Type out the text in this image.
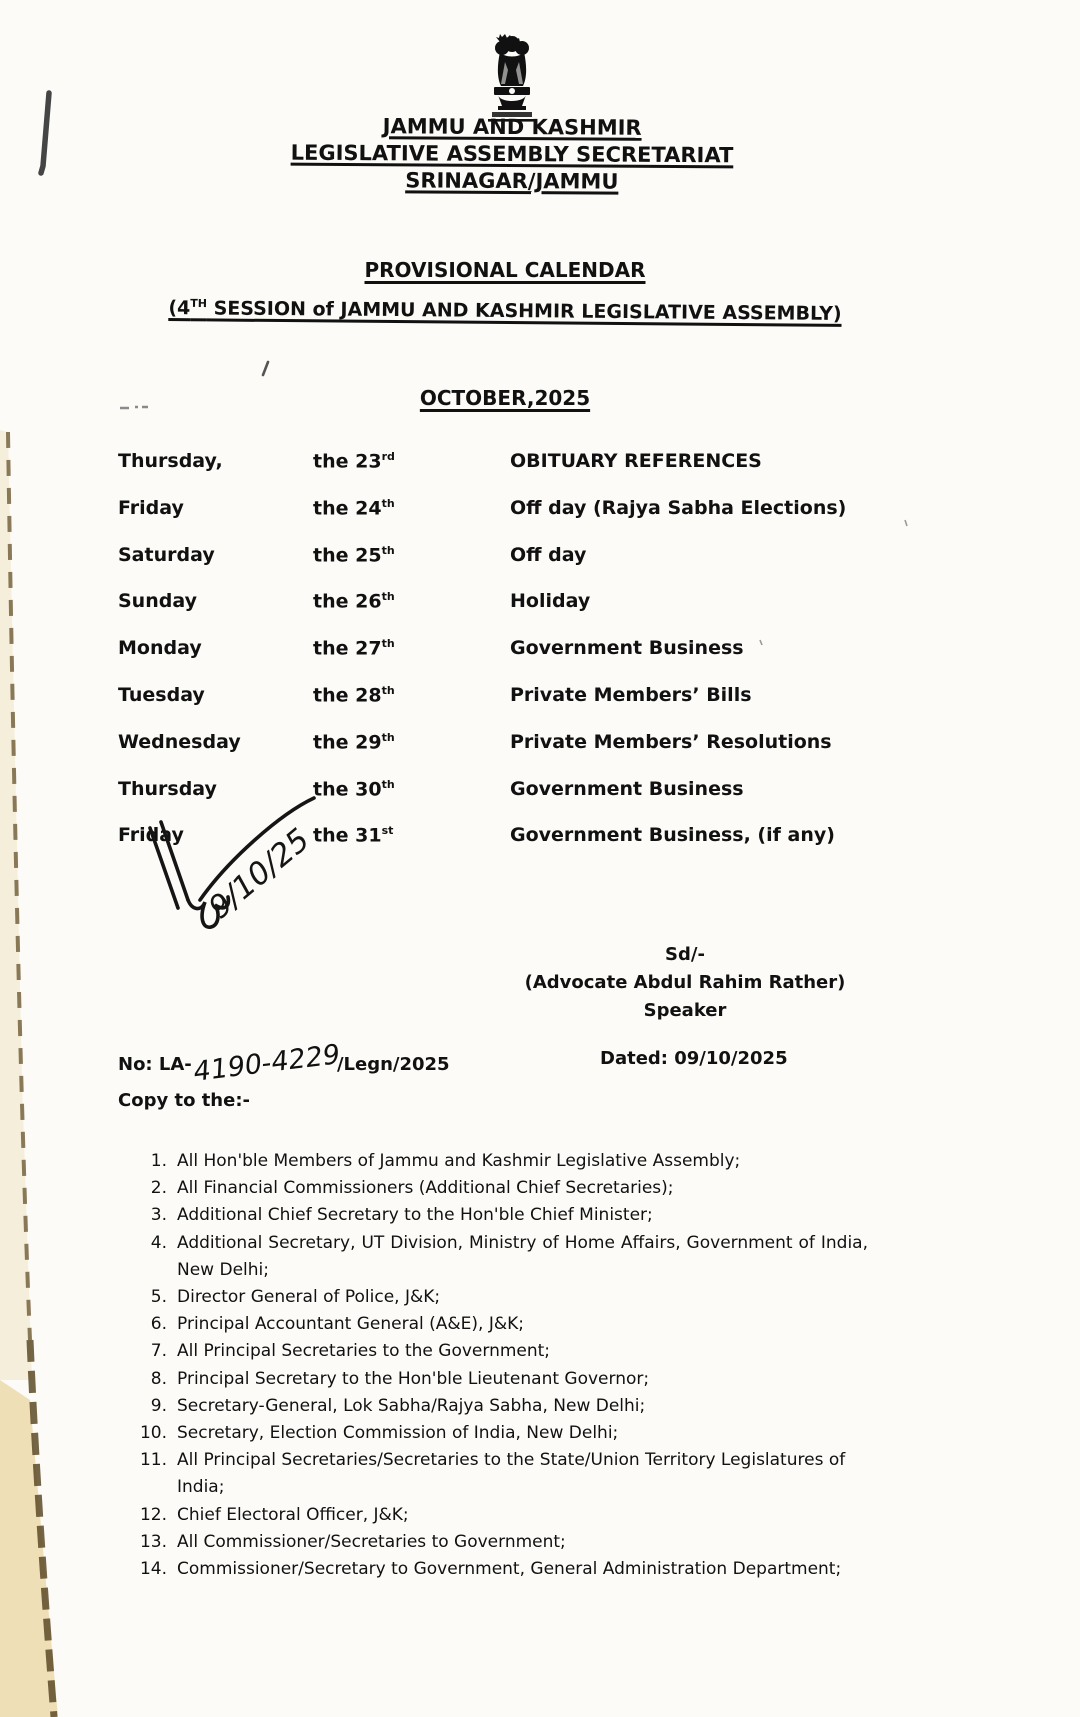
JAMMU AND KASHMIR
LEGISLATIVE ASSEMBLY SECRETARIAT
SRINAGAR/JAMMU
PROVISIONAL CALENDAR
(4TH SESSION of JAMMU AND KASHMIR LEGISLATIVE ASSEMBLY)
OCTOBER,2025
Thursday,	the 23rd	OBITUARY REFERENCES
Friday	the 24th	Off day (Rajya Sabha Elections)
Saturday	the 25th	Off day
Sunday	the 26th	Holiday
Monday	the 27th	Government Business
Tuesday	the 28th	Private Members’ Bills
Wednesday	the 29th	Private Members’ Resolutions
Thursday	the 30th	Government Business
Friday	the 31st	Government Business, (if any)
9/10/25
Sd/-
(Advocate Abdul Rahim Rather)
Speaker
No: LA-4190-4229/Legn/2025	Dated: 09/10/2025
Copy to the:-
1. All Hon'ble Members of Jammu and Kashmir Legislative Assembly;
2. All Financial Commissioners (Additional Chief Secretaries);
3. Additional Chief Secretary to the Hon'ble Chief Minister;
4. Additional Secretary, UT Division, Ministry of Home Affairs, Government of India, New Delhi;
5. Director General of Police, J&K;
6. Principal Accountant General (A&E), J&K;
7. All Principal Secretaries to the Government;
8. Principal Secretary to the Hon'ble Lieutenant Governor;
9. Secretary-General, Lok Sabha/Rajya Sabha, New Delhi;
10. Secretary, Election Commission of India, New Delhi;
11. All Principal Secretaries/Secretaries to the State/Union Territory Legislatures of India;
12. Chief Electoral Officer, J&K;
13. All Commissioner/Secretaries to Government;
14. Commissioner/Secretary to Government, General Administration Department;
